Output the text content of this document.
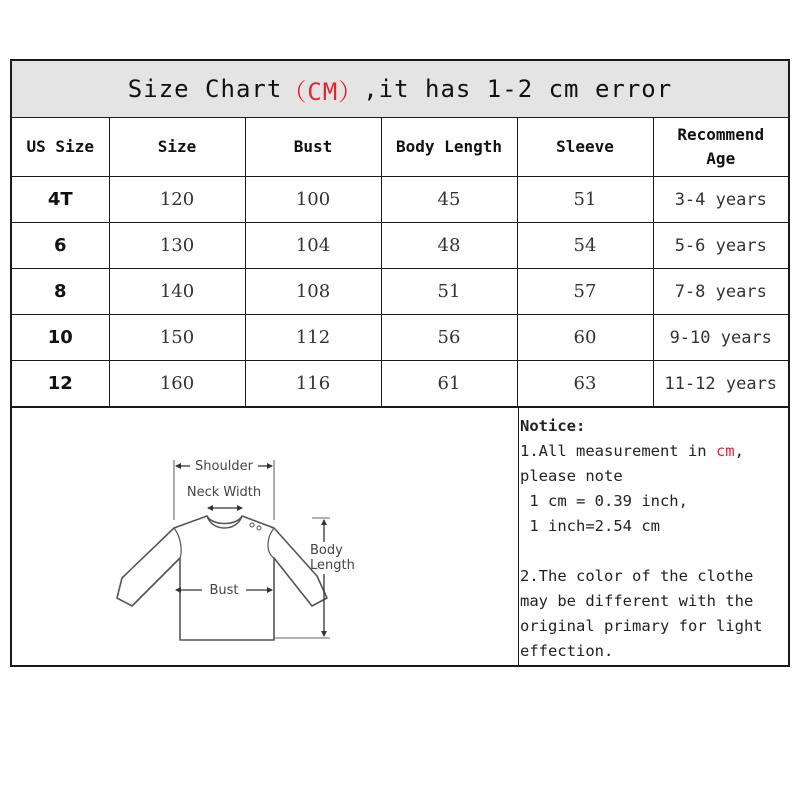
Size Chart （CM） ,it has 1-2 cm error
US Size	Size	Bust	Body Length	Sleeve	Recommend
Age

4T	120	100	45	51	3-4 years
6	130	104	48	54	5-6 years
8	140	108	51	57	7-8 years
10	150	112	56	60	9-10 years
12	160	116	61	63	11-12 years
Shoulder
Neck Width
Bust
Body
Length
Notice:
1.All measurement in cm,
please note
1 cm = 0.39 inch,
1 inch=2.54 cm
2.The color of the clothe
may be different with the
original primary for light
effection.
